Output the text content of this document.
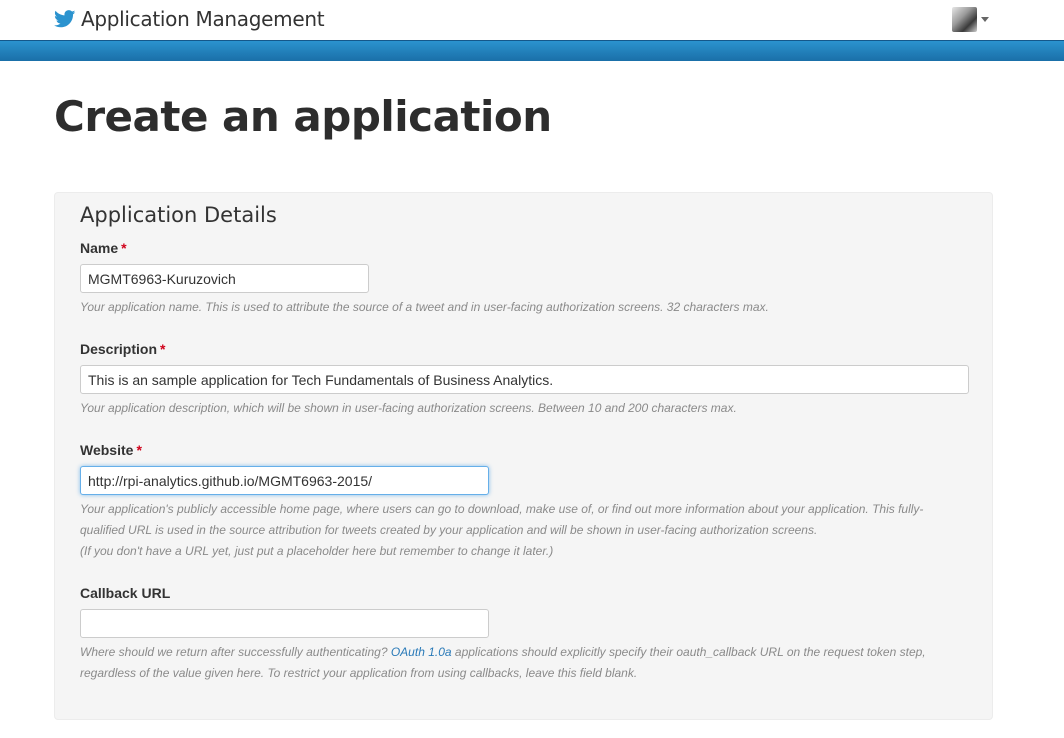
Application Management
Create an application
Application Details
Name *
MGMT6963-Kuruzovich

Your application name. This is used to attribute the source of a tweet and in user-facing authorization screens. 32 characters max.

Description *
This is an sample application for Tech Fundamentals of Business Analytics.

Your application description, which will be shown in user-facing authorization screens. Between 10 and 200 characters max.

Website *
http://rpi-analytics.github.io/MGMT6963-2015/

Your application's publicly accessible home page, where users can go to download, make use of, or find out more information about your application. This fully-

qualified URL is used in the source attribution for tweets created by your application and will be shown in user-facing authorization screens.

(If you don't have a URL yet, just put a placeholder here but remember to change it later.)

Callback URL

Where should we return after successfully authenticating? OAuth 1.0a applications should explicitly specify their oauth_callback URL on the request token step,

regardless of the value given here. To restrict your application from using callbacks, leave this field blank.
